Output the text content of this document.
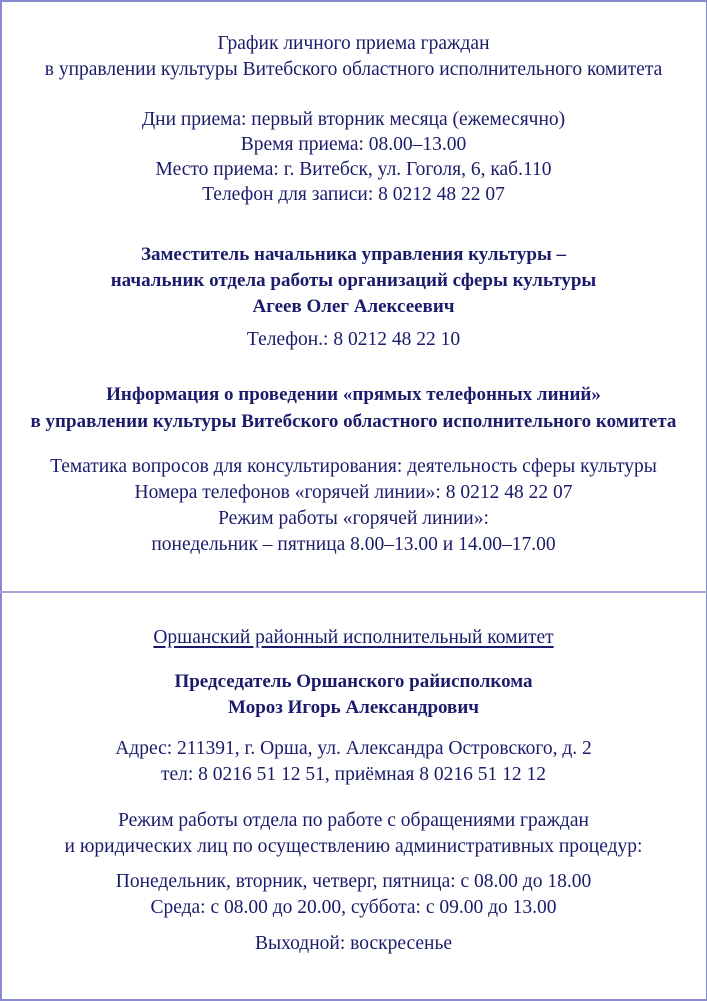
График личного приема граждан
в управлении культуры Витебского областного исполнительного комитета
Дни приема: первый вторник месяца (ежемесячно)
Время приема: 08.00–13.00
Место приема: г. Витебск, ул. Гоголя, 6, каб.110
Телефон для записи: 8 0212 48 22 07
Заместитель начальника управления культуры –
начальник отдела работы организаций сферы культуры
Агеев Олег Алексеевич
Телефон.: 8 0212 48 22 10
Информация о проведении «прямых телефонных линий»
в управлении культуры Витебского областного исполнительного комитета
Тематика вопросов для консультирования: деятельность сферы культуры
Номера телефонов «горячей линии»: 8 0212 48 22 07
Режим работы «горячей линии»:
понедельник – пятница 8.00–13.00 и 14.00–17.00
Оршанский районный исполнительный комитет
Председатель Оршанского райисполкома
Мороз Игорь Александрович
Адрес: 211391, г. Орша, ул. Александра Островского, д. 2
тел: 8 0216 51 12 51, приёмная 8 0216 51 12 12
Режим работы отдела по работе с обращениями граждан
и юридических лиц по осуществлению административных процедур:
Понедельник, вторник, четверг, пятница: с 08.00 до 18.00
Среда: с 08.00 до 20.00, суббота: с 09.00 до 13.00
Выходной: воскресенье
